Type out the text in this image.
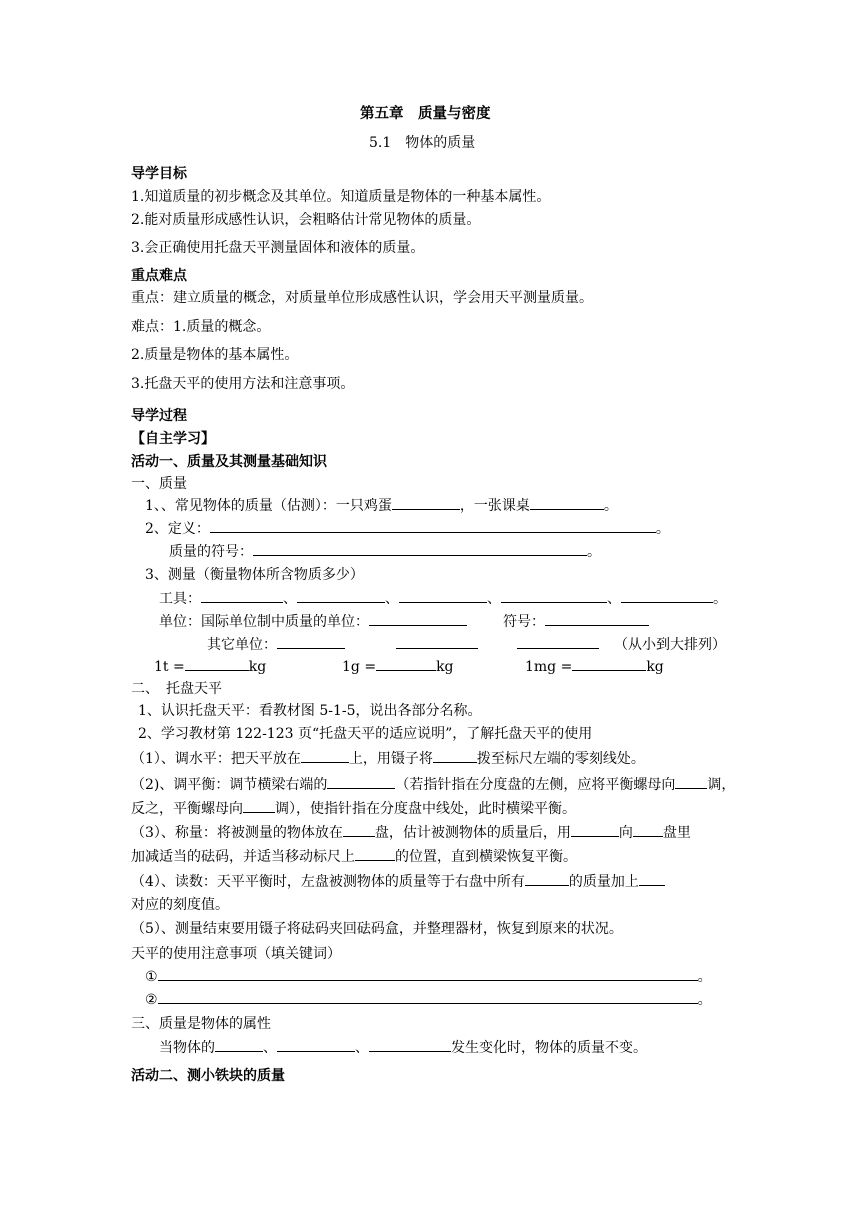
第五章　质量与密度
5.1　物体的质量
导学目标
1.知道质量的初步概念及其单位。知道质量是物体的一种基本属性。
2.能对质量形成感性认识，会粗略估计常见物体的质量。
3.会正确使用托盘天平测量固体和液体的质量。
重点难点
重点：建立质量的概念，对质量单位形成感性认识，学会用天平测量质量。
难点：1.质量的概念。
2.质量是物体的基本属性。
3.托盘天平的使用方法和注意事项。
导学过程
【自主学习】
活动一、质量及其测量基础知识
一、质量
1、、常见物体的质量（估测）：一只鸡蛋	，一张课桌	。
2、定义：	。
质量的符号：	。
3、测量（衡量物体所含物质多少）
工具：	、	、	、	、	。
单位：国际单位制中质量的单位：	符号：
其它单位：	（从小到大排列）
1t =	kg	1g =	kg	1mg =	kg
二、　托盘天平
1、认识托盘天平：看教材图 5-1-5，说出各部分名称。
2、学习教材第 122-123 页“托盘天平的适应说明”，了解托盘天平的使用
（1）、调水平：把天平放在	上，用镊子将	拨至标尺左端的零刻线处。
（2)、调平衡：调节横梁右端的	（若指针指在分度盘的左侧，应将平衡螺母向 调，
反之，平衡螺母向 调），使指针指在分度盘中线处，此时横梁平衡。
（3）、称量：将被测量的物体放在 盘，估计被测物体的质量后，用	向 盘里
加减适当的砝码，并适当移动标尺上	的位置，直到横梁恢复平衡。
（4）、读数：天平平衡时，左盘被测物体的质量等于右盘中所有	的质量加上
对应的刻度值。
（5）、测量结束要用镊子将砝码夹回砝码盒，并整理器材，恢复到原来的状况。
天平的使用注意事项（填关键词）
①	。
②	。
三、质量是物体的属性
当物体的	、	、	发生变化时，物体的质量不变。
活动二、测小铁块的质量
